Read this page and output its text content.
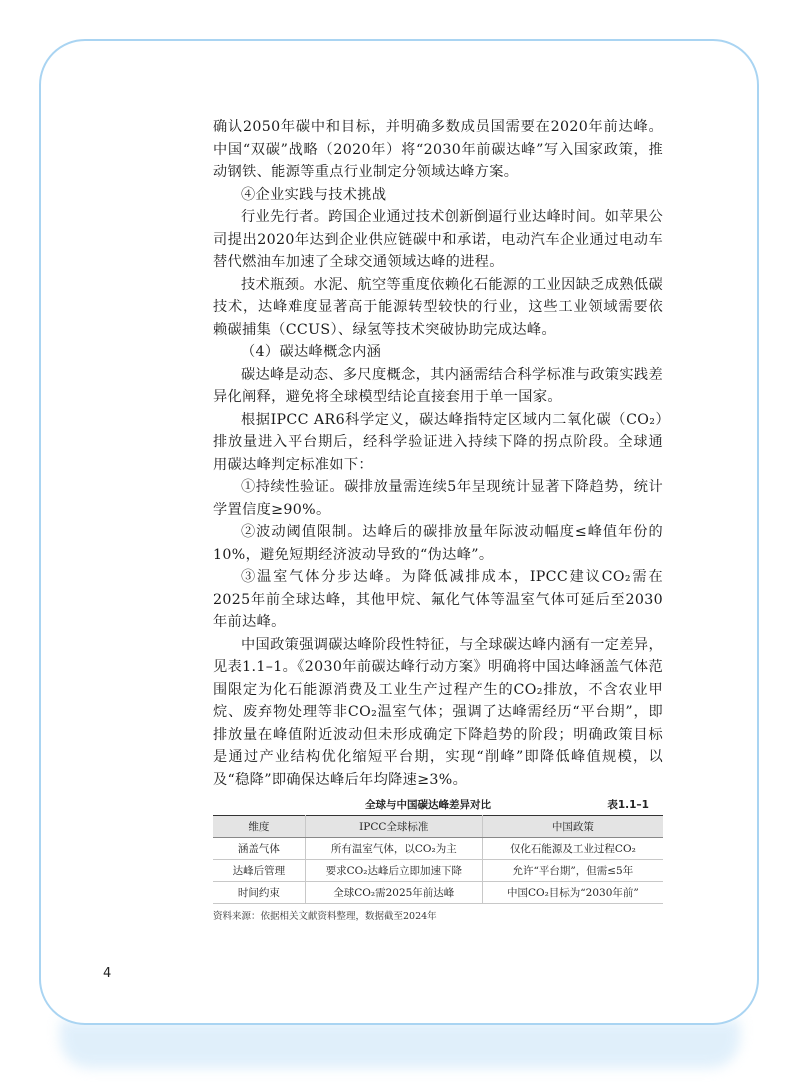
确认2050年碳中和目标，并明确多数成员国需要在2020年前达峰。中国“双碳”战略（2020年）将“2030年前碳达峰”写入国家政策，推动钢铁、能源等重点行业制定分领域达峰方案。

④企业实践与技术挑战

行业先行者。跨国企业通过技术创新倒逼行业达峰时间。如苹果公司提出2020年达到企业供应链碳中和承诺，电动汽车企业通过电动车替代燃油车加速了全球交通领域达峰的进程。

技术瓶颈。水泥、航空等重度依赖化石能源的工业因缺乏成熟低碳技术，达峰难度显著高于能源转型较快的行业，这些工业领域需要依赖碳捕集（CCUS）、绿氢等技术突破协助完成达峰。

（4）碳达峰概念内涵

碳达峰是动态、多尺度概念，其内涵需结合科学标准与政策实践差异化阐释，避免将全球模型结论直接套用于单一国家。

根据IPCC AR6科学定义，碳达峰指特定区域内二氧化碳（CO₂）排放量进入平台期后，经科学验证进入持续下降的拐点阶段。全球通用碳达峰判定标准如下：

①持续性验证。碳排放量需连续5年呈现统计显著下降趋势，统计学置信度≥90%。

②波动阈值限制。达峰后的碳排放量年际波动幅度≤峰值年份的10%，避免短期经济波动导致的“伪达峰”。

③温室气体分步达峰。为降低减排成本，IPCC建议CO₂需在2025年前全球达峰，其他甲烷、氟化气体等温室气体可延后至2030年前达峰。

中国政策强调碳达峰阶段性特征，与全球碳达峰内涵有一定差异，见表1.1–1。《2030年前碳达峰行动方案》明确将中国达峰涵盖气体范围限定为化石能源消费及工业生产过程产生的CO₂排放，不含农业甲烷、废弃物处理等非CO₂温室气体；强调了达峰需经历“平台期”，即排放量在峰值附近波动但未形成确定下降趋势的阶段；明确政策目标是通过产业结构优化缩短平台期，实现“削峰”即降低峰值规模，以及“稳降”即确保达峰后年均降速≥3%。

全球与中国碳达峰差异对比	表1.1–1
维度	IPCC全球标准	中国政策
涵盖气体	所有温室气体，以CO₂为主	仅化石能源及工业过程CO₂
达峰后管理	要求CO₂达峰后立即加速下降	允许“平台期”，但需≤5年
时间约束	全球CO₂需2025年前达峰	中国CO₂目标为“2030年前”
资料来源：依据相关文献资料整理，数据截至2024年
4
